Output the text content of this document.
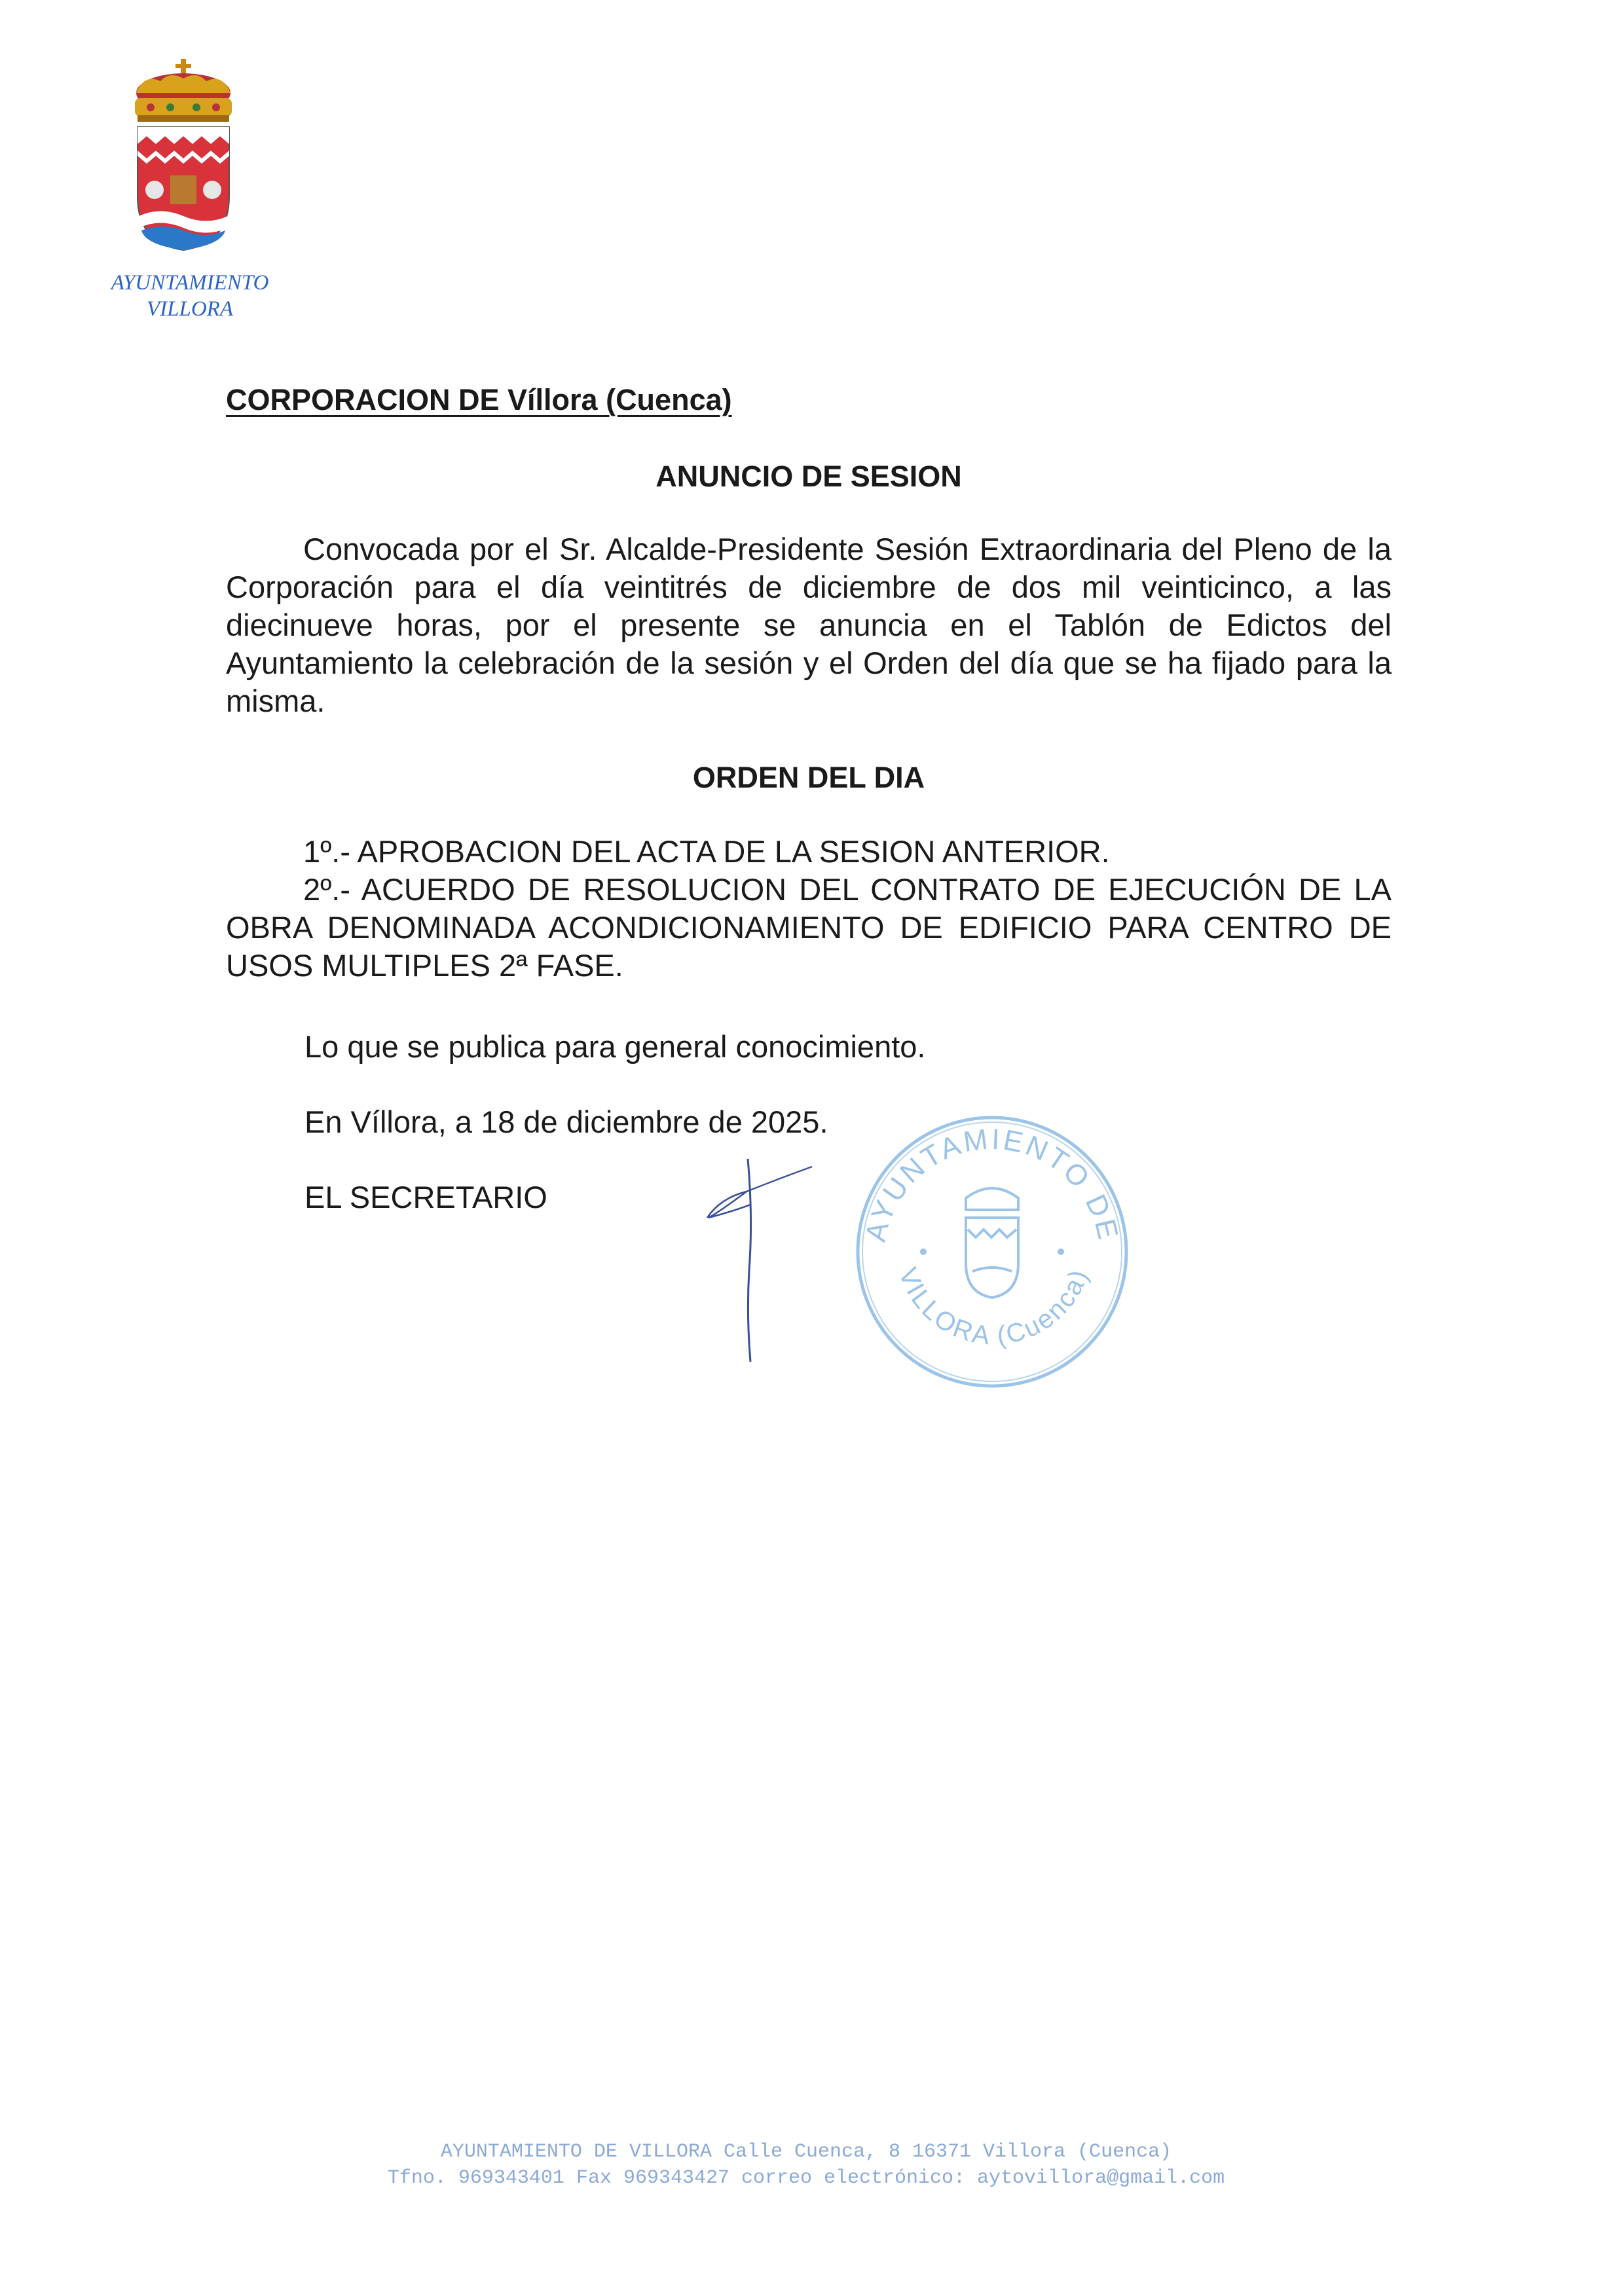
AYUNTAMIENTO
VILLORA
CORPORACION DE Víllora (Cuenca)
ANUNCIO DE SESION
Convocada por el Sr. Alcalde-Presidente Sesión Extraordinaria del Pleno de la Corporación para el día veintitrés de diciembre de dos mil veinticinco, a las diecinueve horas, por el presente se anuncia en el Tablón de Edictos del Ayuntamiento la celebración de la sesión y el Orden del día que se ha fijado para la misma.
ORDEN DEL DIA
1º.- APROBACION DEL ACTA DE LA SESION ANTERIOR.
2º.- ACUERDO DE RESOLUCION DEL CONTRATO DE EJECUCIÓN DE LA OBRA DENOMINADA ACONDICIONAMIENTO DE EDIFICIO PARA CENTRO DE USOS MULTIPLES 2ª FASE.
Lo que se publica para general conocimiento.
En Víllora, a 18 de diciembre de 2025.
EL SECRETARIO
AYUNTAMIENTO DE
VILLORA (Cuenca)
AYUNTAMIENTO DE VILLORA Calle Cuenca, 8 16371 Villora (Cuenca)
Tfno. 969343401 Fax 969343427 correo electrónico: aytovillora@gmail.com
